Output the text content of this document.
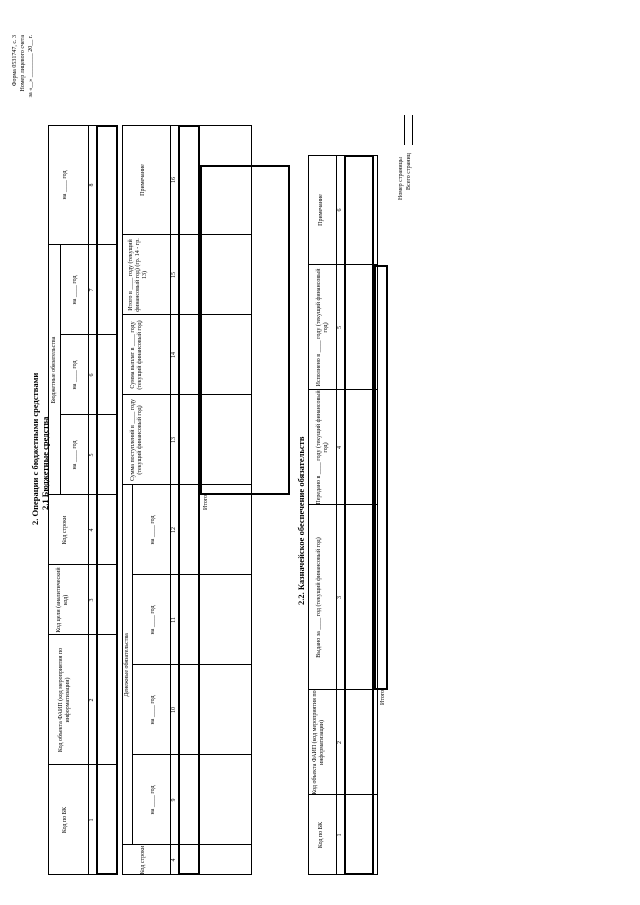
Форма 0531747, с. 3 Номер лицевого счета за «__» ________ 20__ г.
2. Операции с бюджетными средствами 2.1 Бюджетные средства
Код по БК
Код объекта ФАИП (код мероприятия по информатизации)
Код цели (аналитический код)
Код строки
Бюджетные обязательства
на ____ год
на ____ год
на ____ год
на ____ год
1
2
3
4
5
6
7
8
Код строки
Денежные обязательства
на ____ год
на ____ год
на ____ год
на ____ год
Сумма поступлений в ____ году (текущий финансовый год)
Сумма выплат в ____ году (текущий финансовый год)
Итого в ____ году (текущий финансовый год) (гр. 14 - гр. 13)
Примечание
4
9
10
11
12
13
14
15
16
Итого	2.2. Казначейское обеспечение обязательств
Код по БК
Код объекта ФАИП (код мероприятия по информатизации)
Выдано за ____ год (текущий финансовый год)
Передано в ____ году (текущий финансовый год)
Исполнено в ____ году (текущий финансовый год)
Примечание
1
2
3
4
5
6
Итого
Номер страницы Всего страниц
